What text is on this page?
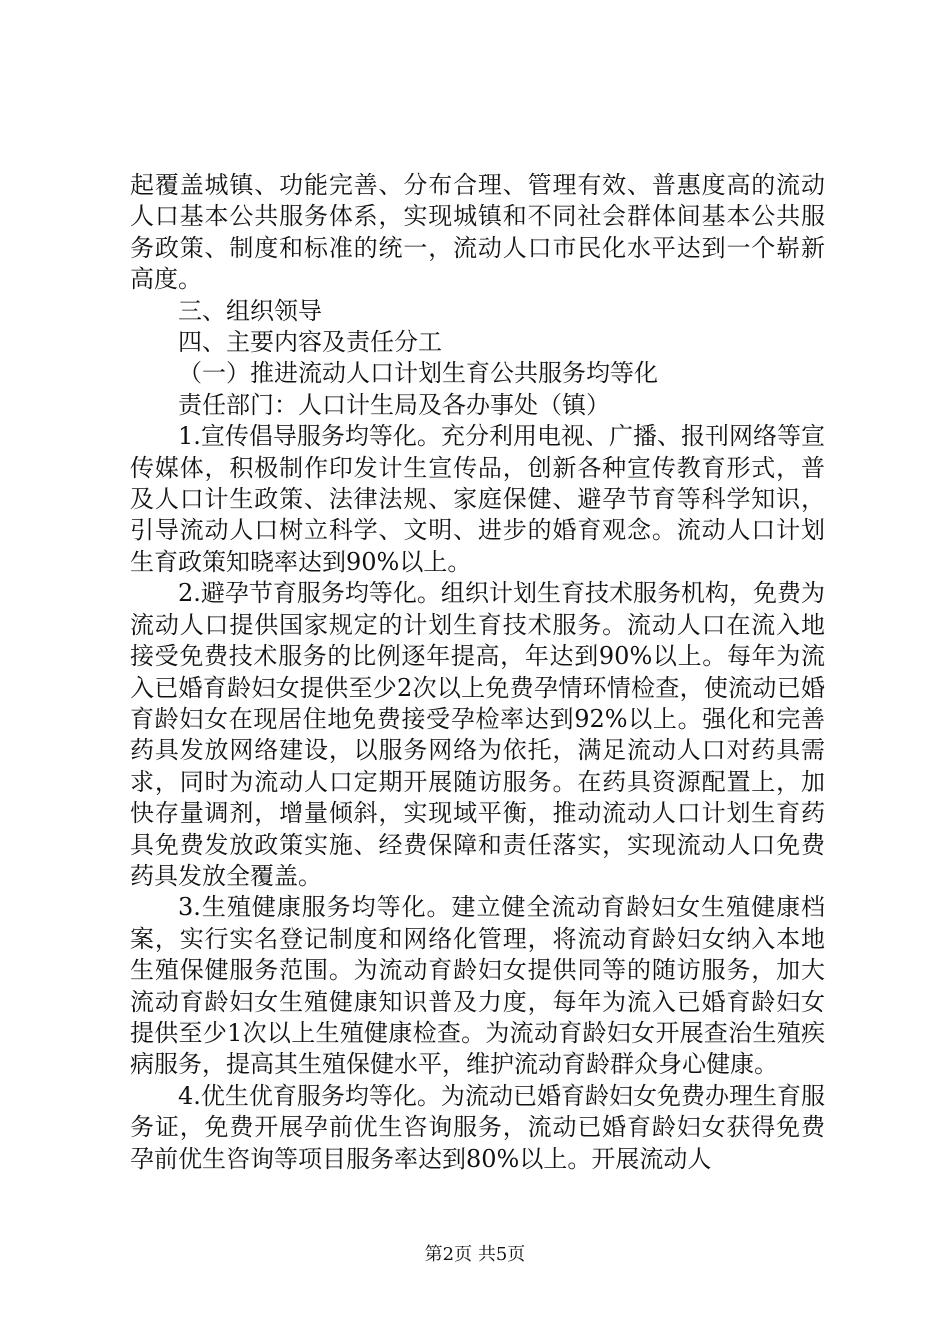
起覆盖城镇、功能完善、分布合理、管理有效、普惠度高的流动人口基本公共服务体系，实现城镇和不同社会群体间基本公共服务政策、制度和标准的统一，流动人口市民化水平达到一个崭新高度。

三、组织领导

四、主要内容及责任分工

（一）推进流动人口计划生育公共服务均等化

责任部门：人口计生局及各办事处（镇）

1.宣传倡导服务均等化。充分利用电视、广播、报刊网络等宣传媒体，积极制作印发计生宣传品，创新各种宣传教育形式，普及人口计生政策、法律法规、家庭保健、避孕节育等科学知识，引导流动人口树立科学、文明、进步的婚育观念。流动人口计划生育政策知晓率达到90%以上。

2.避孕节育服务均等化。组织计划生育技术服务机构，免费为流动人口提供国家规定的计划生育技术服务。流动人口在流入地接受免费技术服务的比例逐年提高，年达到90%以上。每年为流入已婚育龄妇女提供至少2次以上免费孕情环情检查，使流动已婚育龄妇女在现居住地免费接受孕检率达到92%以上。强化和完善药具发放网络建设，以服务网络为依托，满足流动人口对药具需求，同时为流动人口定期开展随访服务。在药具资源配置上，加快存量调剂，增量倾斜，实现域平衡，推动流动人口计划生育药具免费发放政策实施、经费保障和责任落实，实现流动人口免费药具发放全覆盖。

3.生殖健康服务均等化。建立健全流动育龄妇女生殖健康档案，实行实名登记制度和网络化管理，将流动育龄妇女纳入本地生殖保健服务范围。为流动育龄妇女提供同等的随访服务，加大流动育龄妇女生殖健康知识普及力度，每年为流入已婚育龄妇女提供至少1次以上生殖健康检查。为流动育龄妇女开展查治生殖疾病服务，提高其生殖保健水平，维护流动育龄群众身心健康。

4.优生优育服务均等化。为流动已婚育龄妇女免费办理生育服务证，免费开展孕前优生咨询服务，流动已婚育龄妇女获得免费孕前优生咨询等项目服务率达到80%以上。开展流动人

第2页 共5页
